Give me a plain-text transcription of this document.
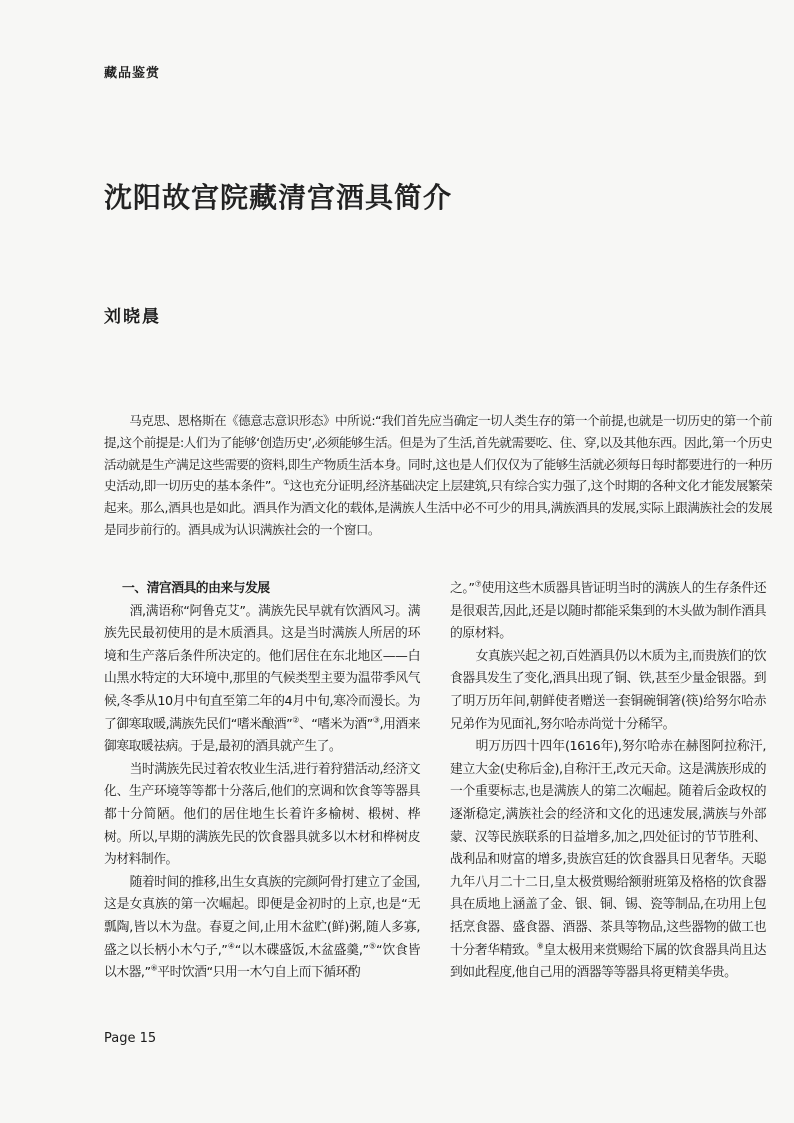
藏品鉴赏
沈阳故宫院藏清宫酒具简介
刘晓晨

马克思、恩格斯在《德意志意识形态》中所说:“我们首先应当确定一切人类生存的第一个前提,也就是一切历史的第一个前提,这个前提是:人们为了能够‘创造历史’,必须能够生活。但是为了生活,首先就需要吃、住、穿,以及其他东西。因此,第一个历史活动就是生产满足这些需要的资料,即生产物质生活本身。同时,这也是人们仅仅为了能够生活就必须每日每时都要进行的一种历史活动,即一切历史的基本条件”。①这也充分证明,经济基础决定上层建筑,只有综合实力强了,这个时期的各种文化才能发展繁荣起来。那么,酒具也是如此。酒具作为酒文化的载体,是满族人生活中必不可少的用具,满族酒具的发展,实际上跟满族社会的发展是同步前行的。酒具成为认识满族社会的一个窗口。

一、清宫酒具的由来与发展

酒,满语称“阿鲁克艾”。满族先民早就有饮酒风习。满族先民最初使用的是木质酒具。这是当时满族人所居的环境和生产落后条件所决定的。他们居住在东北地区——白山黑水特定的大环境中,那里的气候类型主要为温带季风气候,冬季从10月中旬直至第二年的4月中旬,寒冷而漫长。为了御寒取暖,满族先民们“嗜米酿酒”②、“嗜米为酒”③,用酒来御寒取暖祛病。于是,最初的酒具就产生了。

当时满族先民过着农牧业生活,进行着狩猎活动,经济文化、生产环境等等都十分落后,他们的烹调和饮食等等器具都十分简陋。他们的居住地生长着许多榆树、椴树、桦树。所以,早期的满族先民的饮食器具就多以木材和桦树皮为材料制作。

随着时间的推移,出生女真族的完颜阿骨打建立了金国,这是女真族的第一次崛起。即便是金初时的上京,也是“无瓢陶,皆以木为盘。春夏之间,止用木盆贮(鲜)粥,随人多寡,盛之以长柄小木勺子,”④“以木碟盛饭,木盆盛羹,”⑤“饮食皆以木器,”⑥平时饮酒“只用一木勺自上而下循环酌

之。”⑦使用这些木质器具皆证明当时的满族人的生存条件还是很艰苦,因此,还是以随时都能采集到的木头做为制作酒具的原材料。

女真族兴起之初,百姓酒具仍以木质为主,而贵族们的饮食器具发生了变化,酒具出现了铜、铁,甚至少量金银器。到了明万历年间,朝鲜使者赠送一套铜碗铜箸(筷)给努尔哈赤兄弟作为见面礼,努尔哈赤尚觉十分稀罕。

明万历四十四年(1616年),努尔哈赤在赫图阿拉称汗,建立大金(史称后金),自称汗王,改元天命。这是满族形成的一个重要标志,也是满族人的第二次崛起。随着后金政权的逐渐稳定,满族社会的经济和文化的迅速发展,满族与外部蒙、汉等民族联系的日益增多,加之,四处征讨的节节胜利、战利品和财富的增多,贵族宫廷的饮食器具日见奢华。天聪九年八月二十二日,皇太极赏赐给额驸班第及格格的饮食器具在质地上涵盖了金、银、铜、锡、瓷等制品,在功用上包括烹食器、盛食器、酒器、茶具等物品,这些器物的做工也十分奢华精致。⑧皇太极用来赏赐给下属的饮食器具尚且达到如此程度,他自己用的酒器等等器具将更精美华贵。

Page 15
